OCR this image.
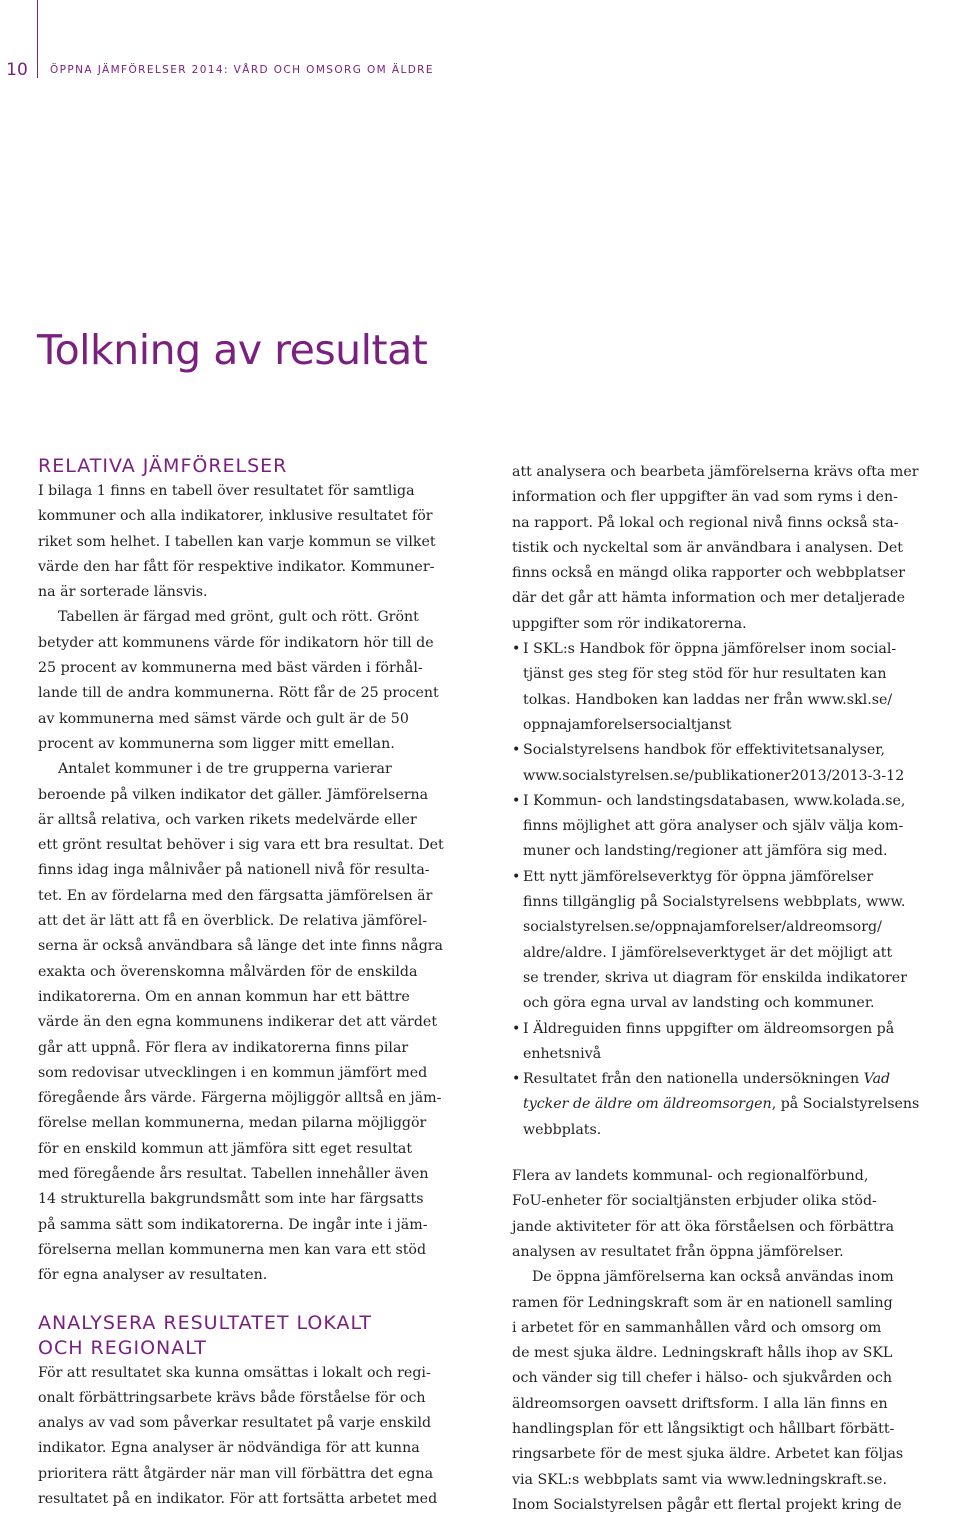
10	ÖPPNA JÄMFÖRELSER 2014: VÅRD OCH OMSORG OM ÄLDRE
Tolkning av resultat
RELATIVA JÄMFÖRELSER
I bilaga 1 finns en tabell över resultatet för samtliga
kommuner och alla indikatorer, inklusive resultatet för
riket som helhet. I tabellen kan varje kommun se vilket
värde den har fått för respektive indikator. Kommuner-
na är sorterade länsvis.
Tabellen är färgad med grönt, gult och rött. Grönt
betyder att kommunens värde för indikatorn hör till de
25 procent av kommunerna med bäst värden i förhål-
lande till de andra kommunerna. Rött får de 25 procent
av kommunerna med sämst värde och gult är de 50
procent av kommunerna som ligger mitt emellan.
Antalet kommuner i de tre grupperna varierar
beroende på vilken indikator det gäller. Jämförelserna
är alltså relativa, och varken rikets medelvärde eller
ett grönt resultat behöver i sig vara ett bra resultat. Det
finns idag inga målnivåer på nationell nivå för resulta-
tet. En av fördelarna med den färgsatta jämförelsen är
att det är lätt att få en överblick. De relativa jämförel-
serna är också användbara så länge det inte finns några
exakta och överenskomna målvärden för de enskilda
indikatorerna. Om en annan kommun har ett bättre
värde än den egna kommunens indikerar det att värdet
går att uppnå. För flera av indikatorerna finns pilar
som redovisar utvecklingen i en kommun jämfört med
föregående års värde. Färgerna möjliggör alltså en jäm-
förelse mellan kommunerna, medan pilarna möjliggör
för en enskild kommun att jämföra sitt eget resultat
med föregående års resultat. Tabellen innehåller även
14 strukturella bakgrundsmått som inte har färgsatts
på samma sätt som indikatorerna. De ingår inte i jäm-
förelserna mellan kommunerna men kan vara ett stöd
för egna analyser av resultaten.
ANALYSERA RESULTATET LOKALT
OCH REGIONALT
För att resultatet ska kunna omsättas i lokalt och regi-
onalt förbättringsarbete krävs både förståelse för och
analys av vad som påverkar resultatet på varje enskild
indikator. Egna analyser är nödvändiga för att kunna
prioritera rätt åtgärder när man vill förbättra det egna
resultatet på en indikator. För att fortsätta arbetet med
att analysera och bearbeta jämförelserna krävs ofta mer
information och fler uppgifter än vad som ryms i den-
na rapport. På lokal och regional nivå finns också sta-
tistik och nyckeltal som är användbara i analysen. Det
finns också en mängd olika rapporter och webbplatser
där det går att hämta information och mer detaljerade
uppgifter som rör indikatorerna.
• I SKL:s Handbok för öppna jämförelser inom social-
tjänst ges steg för steg stöd för hur resultaten kan
tolkas. Handboken kan laddas ner från www.skl.se/
oppnajamforelsersocialtjanst
• Socialstyrelsens handbok för effektivitetsanalyser,
www.socialstyrelsen.se/publikationer2013/2013-3-12
• I Kommun- och landstingsdatabasen, www.kolada.se,
finns möjlighet att göra analyser och själv välja kom-
muner och landsting/regioner att jämföra sig med.
• Ett nytt jämförelseverktyg för öppna jämförelser
finns tillgänglig på Socialstyrelsens webbplats, www.
socialstyrelsen.se/oppnajamforelser/aldreomsorg/
aldre/aldre. I jämförelseverktyget är det möjligt att
se trender, skriva ut diagram för enskilda indikatorer
och göra egna urval av landsting och kommuner.
• I Äldreguiden finns uppgifter om äldreomsorgen på
enhetsnivå
• Resultatet från den nationella undersökningen Vad
tycker de äldre om äldreomsorgen, på Socialstyrelsens
webbplats.
Flera av landets kommunal- och regionalförbund,
FoU-enheter för socialtjänsten erbjuder olika stöd-
jande aktiviteter för att öka förståelsen och förbättra
analysen av resultatet från öppna jämförelser.
De öppna jämförelserna kan också användas inom
ramen för Ledningskraft som är en nationell samling
i arbetet för en sammanhållen vård och omsorg om
de mest sjuka äldre. Ledningskraft hålls ihop av SKL
och vänder sig till chefer i hälso- och sjukvården och
äldreomsorgen oavsett driftsform. I alla län finns en
handlingsplan för ett långsiktigt och hållbart förbätt-
ringsarbete för de mest sjuka äldre. Arbetet kan följas
via SKL:s webbplats samt via www.ledningskraft.se.
Inom Socialstyrelsen pågår ett flertal projekt kring de
